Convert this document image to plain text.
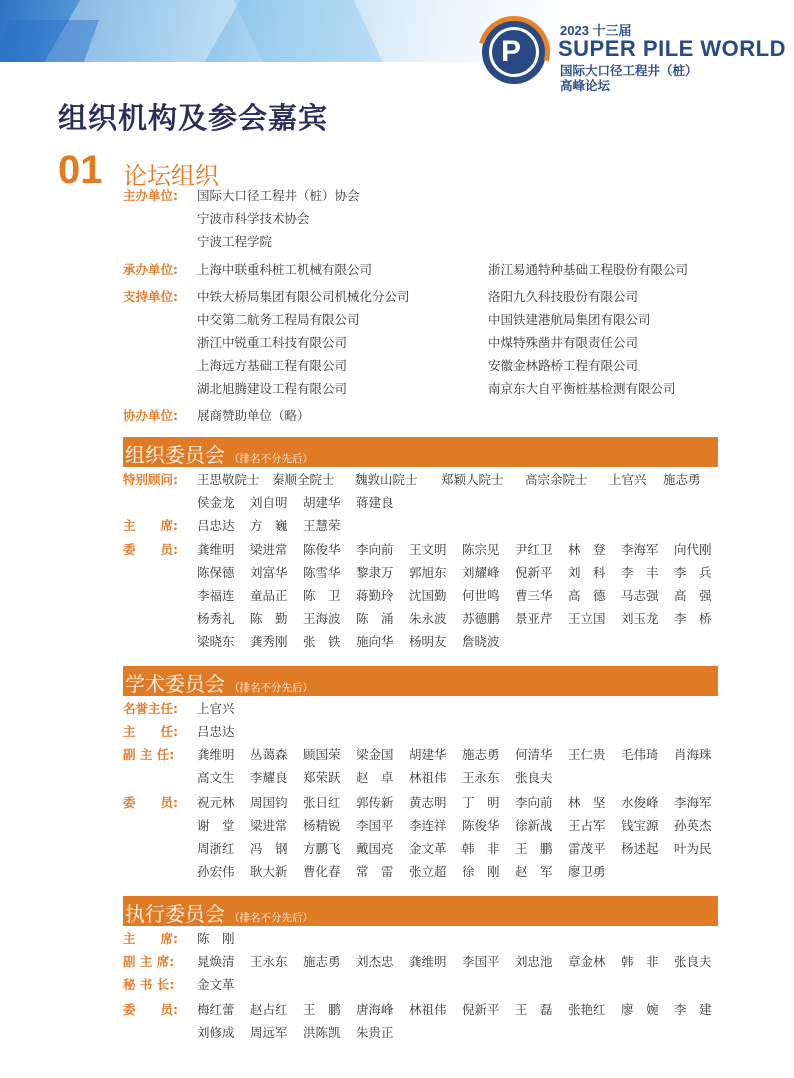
P
2023 十三届
SUPER PILE WORLD
国际大口径工程井（桩）
高峰论坛
组织机构及参会嘉宾
01 论坛组织
主办单位: 国际大口径工程井（桩）协会
宁波市科学技术协会
宁波工程学院
承办单位: 上海中联重科桩工机械有限公司	浙江易通特种基础工程股份有限公司
支持单位: 中铁大桥局集团有限公司机械化分公司
中交第二航务工程局有限公司
浙江中锐重工科技有限公司
上海远方基础工程有限公司
湖北旭腾建设工程有限公司
洛阳九久科技股份有限公司
中国铁建港航局集团有限公司
中煤特殊凿井有限责任公司
安徽金林路桥工程有限公司
南京东大自平衡桩基检测有限公司
协办单位: 展商赞助单位（略）
组织委员会 （排名不分先后）
特别顾问: 王思敬院士 秦顺全院士 魏敦山院士 郑颖人院士 高宗余院士 上官兴 施志勇
侯金龙 刘自明 胡建华 蒋建良
主　　席: 吕忠达 方　巍 王慧荣
委　　员: 龚维明 梁进常 陈俊华 李向前 王文明 陈宗见 尹红卫 林　登 李海军 向代刚
陈保德 刘富华 陈雪华 黎隶万 郭旭东 刘耀峰 倪新平 刘　科 李　丰 李　兵
李福连 童品正 陈　卫 蒋勤玲 沈国勤 何世鸣 曹三华 高　德 马志强 高　强
杨秀礼 陈　勤 王海波 陈　涌 朱永波 苏德鹏 景亚芹 王立国 刘玉龙 李　桥
梁晓东 龚秀刚 张　铁 施向华 杨明友 詹晓波
学术委员会 （排名不分先后）
名誉主任: 上官兴
主　　任: 吕忠达
副 主 任: 龚维明 丛蔼森 顾国荣 梁金国 胡建华 施志勇 何清华 王仁贵 毛伟琦 肖海珠
高文生 李耀良 郑荣跃 赵　卓 林祖伟 王永东 张良夫
委　　员: 祝元林 周国钧 张日红 郭传新 黄志明 丁　明 李向前 林　坚 水俊峰 李海军
谢　堂 梁进常 杨精锐 李国平 李连祥 陈俊华 徐新战 王占军 钱宝源 孙英杰
周浙红 冯　钢 方鹏飞 戴国亮 金文革 韩　非 王　鹏 雷茂平 杨述起 叶为民
孙宏伟 耿大新 曹化春 常　雷 张立超 徐　刚 赵　军 廖卫勇
执行委员会 （排名不分先后）
主　　席: 陈　刚
副 主 席: 晁焕清 王永东 施志勇 刘杰忠 龚维明 李国平 刘忠池 章金林 韩　非 张良夫
秘 书 长: 金文革
委　　员: 梅红蕾 赵占红 王　鹏 唐海峰 林祖伟 倪新平 王　磊 张艳红 廖　婉 李　建
刘修成 周远军 洪陈凯 朱贵正
